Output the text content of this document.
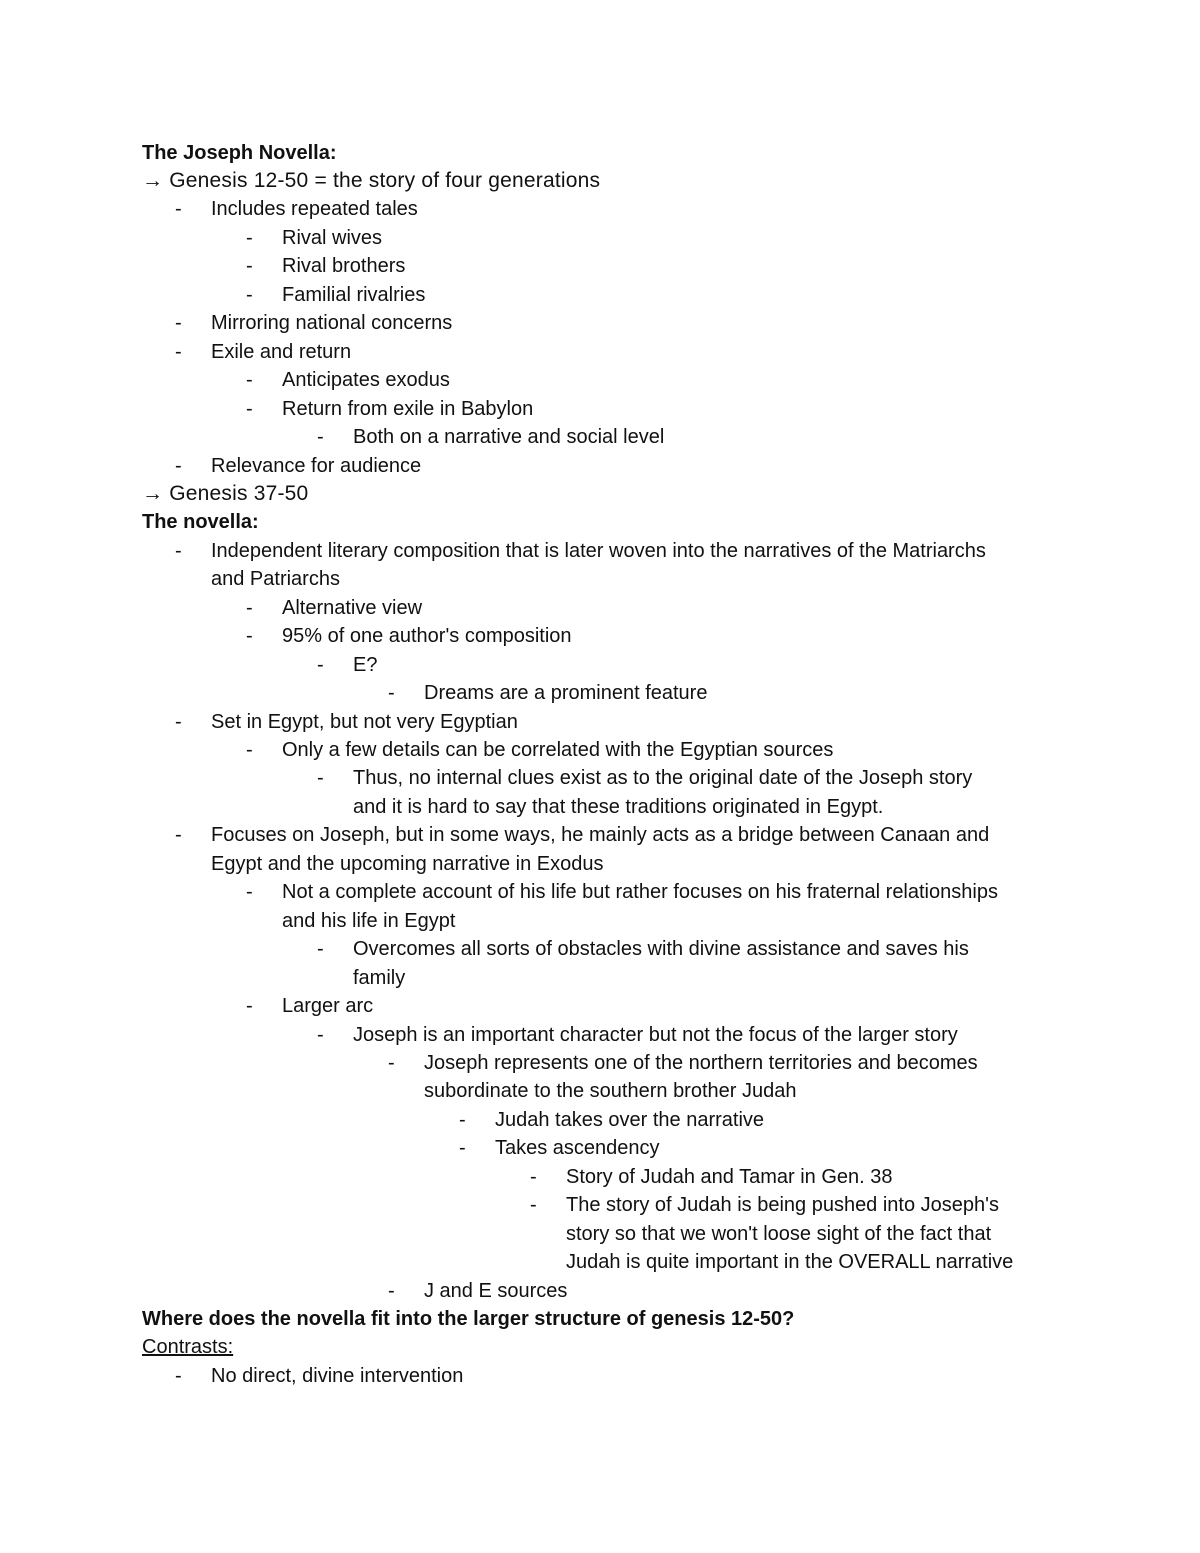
The Joseph Novella:
→ Genesis 12-50 = the story of four generations
- Includes repeated tales
- Rival wives
- Rival brothers
- Familial rivalries
- Mirroring national concerns
- Exile and return
- Anticipates exodus
- Return from exile in Babylon
- Both on a narrative and social level
- Relevance for audience
→ Genesis 37-50
The novella:
- Independent literary composition that is later woven into the narratives of the Matriarchs
and Patriarchs
- Alternative view
- 95% of one author's composition
- E?
- Dreams are a prominent feature
- Set in Egypt, but not very Egyptian
- Only a few details can be correlated with the Egyptian sources
- Thus, no internal clues exist as to the original date of the Joseph story
and it is hard to say that these traditions originated in Egypt.
- Focuses on Joseph, but in some ways, he mainly acts as a bridge between Canaan and
Egypt and the upcoming narrative in Exodus
- Not a complete account of his life but rather focuses on his fraternal relationships
and his life in Egypt
- Overcomes all sorts of obstacles with divine assistance and saves his
family
- Larger arc
- Joseph is an important character but not the focus of the larger story
- Joseph represents one of the northern territories and becomes
subordinate to the southern brother Judah
- Judah takes over the narrative
- Takes ascendency
- Story of Judah and Tamar in Gen. 38
- The story of Judah is being pushed into Joseph's
story so that we won't loose sight of the fact that
Judah is quite important in the OVERALL narrative
- J and E sources
Where does the novella fit into the larger structure of genesis 12-50?
Contrasts:
- No direct, divine intervention
